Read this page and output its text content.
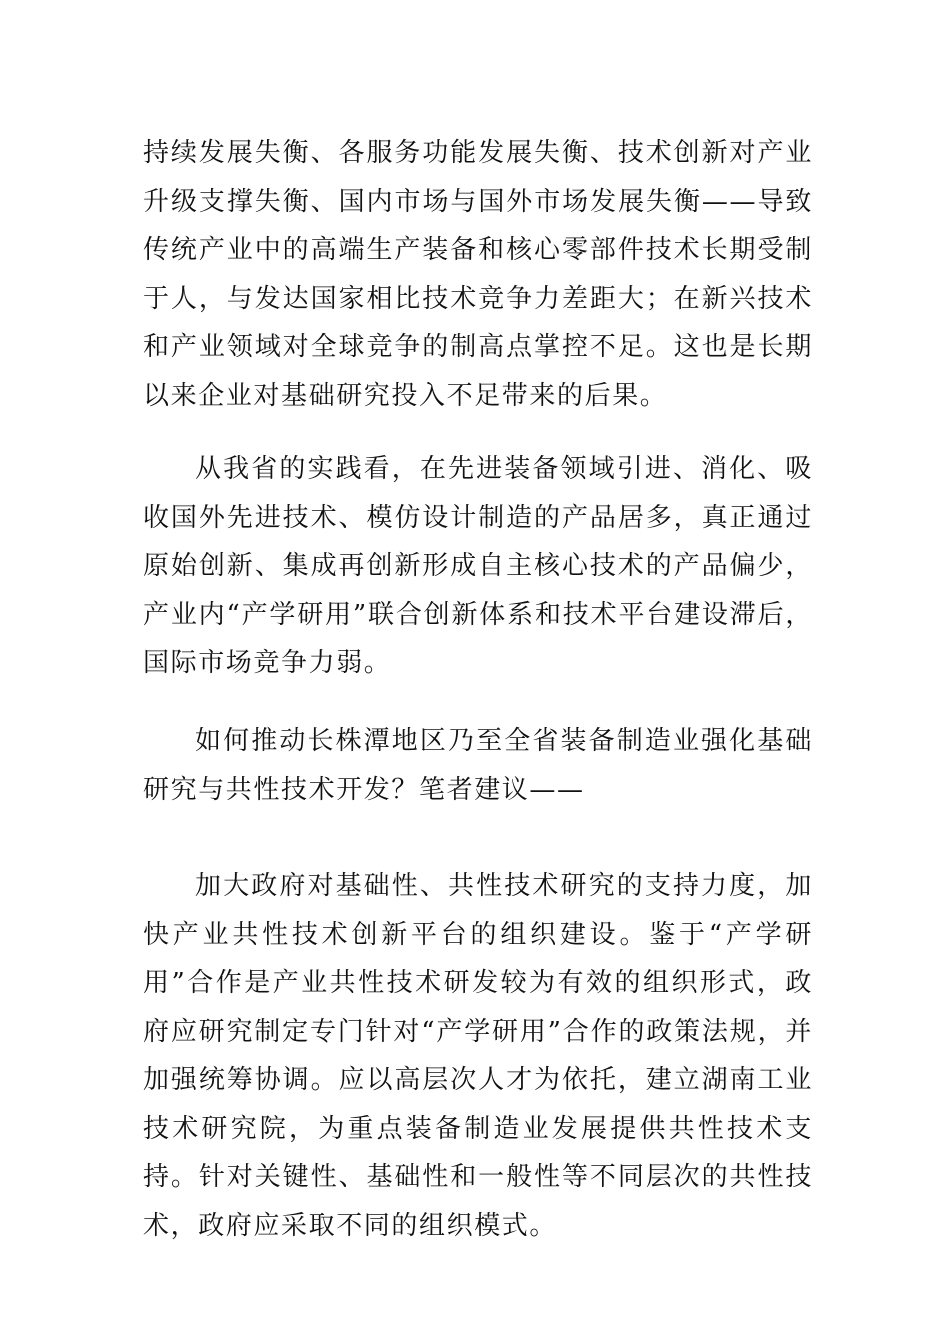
持续发展失衡、各服务功能发展失衡、技术创新对产业升级支撑失衡、国内市场与国外市场发展失衡——导致传统产业中的高端生产装备和核心零部件技术长期受制于人，与发达国家相比技术竞争力差距大；在新兴技术和产业领域对全球竞争的制高点掌控不足。这也是长期以来企业对基础研究投入不足带来的后果。

从我省的实践看，在先进装备领域引进、消化、吸收国外先进技术、模仿设计制造的产品居多，真正通过原始创新、集成再创新形成自主核心技术的产品偏少，产业内“产学研用”联合创新体系和技术平台建设滞后，国际市场竞争力弱。

如何推动长株潭地区乃至全省装备制造业强化基础研究与共性技术开发？笔者建议——

加大政府对基础性、共性技术研究的支持力度，加快产业共性技术创新平台的组织建设。鉴于“产学研用”合作是产业共性技术研发较为有效的组织形式，政府应研究制定专门针对“产学研用”合作的政策法规，并加强统筹协调。应以高层次人才为依托，建立湖南工业技术研究院，为重点装备制造业发展提供共性技术支持。针对关键性、基础性和一般性等不同层次的共性技术，政府应采取不同的组织模式。
